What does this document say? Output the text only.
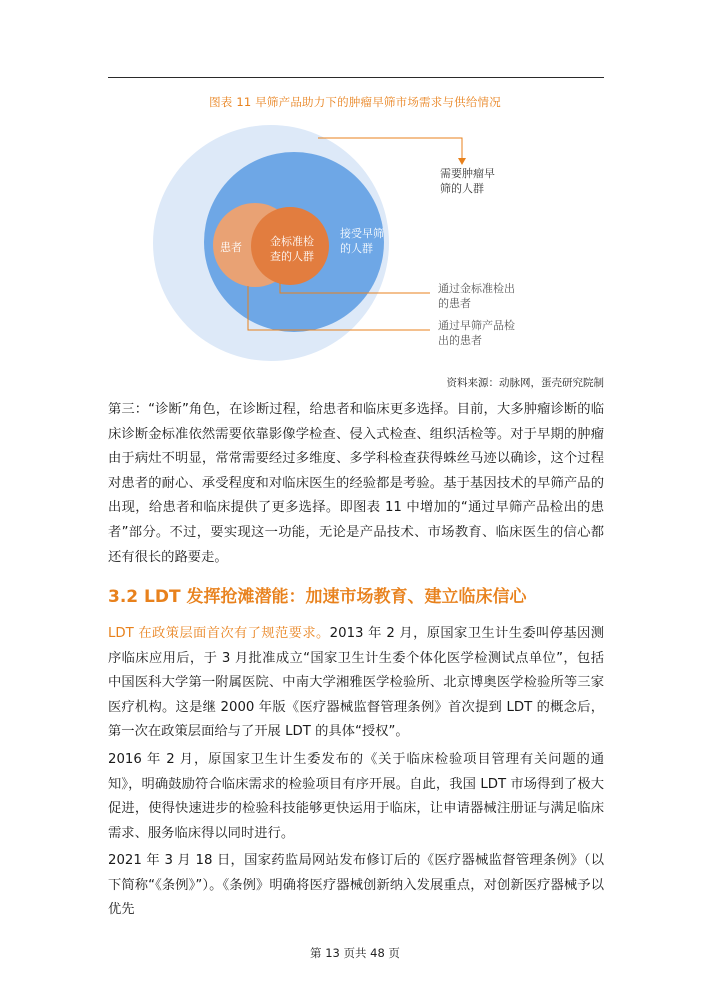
图表 11 早筛产品助力下的肿瘤早筛市场需求与供给情况
需要肿瘤早
筛的人群
接受早筛
的人群
患者	金标准检
查的人群
通过金标准检出
的患者
通过早筛产品检
出的患者
资料来源：动脉网，蛋壳研究院制
第三：“诊断”角色，在诊断过程，给患者和临床更多选择。目前，大多肿瘤诊断的临床诊断金标准依然需要依靠影像学检查、侵入式检查、组织活检等。对于早期的肿瘤由于病灶不明显，常常需要经过多维度、多学科检查获得蛛丝马迹以确诊，这个过程对患者的耐心、承受程度和对临床医生的经验都是考验。基于基因技术的早筛产品的出现，给患者和临床提供了更多选择。即图表 11 中增加的“通过早筛产品检出的患者”部分。不过，要实现这一功能，无论是产品技术、市场教育、临床医生的信心都还有很长的路要走。
3.2 LDT 发挥抢滩潜能：加速市场教育、建立临床信心
LDT 在政策层面首次有了规范要求。2013 年 2 月，原国家卫生计生委叫停基因测序临床应用后，于 3 月批准成立“国家卫生计生委个体化医学检测试点单位”，包括中国医科大学第一附属医院、中南大学湘雅医学检验所、北京博奥医学检验所等三家医疗机构。这是继 2000 年版《医疗器械监督管理条例》首次提到 LDT 的概念后，第一次在政策层面给与了开展 LDT 的具体“授权”。
2016 年 2 月，原国家卫生计生委发布的《关于临床检验项目管理有关问题的通知》，明确鼓励符合临床需求的检验项目有序开展。自此，我国 LDT 市场得到了极大促进，使得快速进步的检验科技能够更快运用于临床，让申请器械注册证与满足临床需求、服务临床得以同时进行。
2021 年 3 月 18 日，国家药监局网站发布修订后的《医疗器械监督管理条例》（以下简称“《条例》”）。《条例》明确将医疗器械创新纳入发展重点，对创新医疗器械予以优先
第 13 页共 48 页
